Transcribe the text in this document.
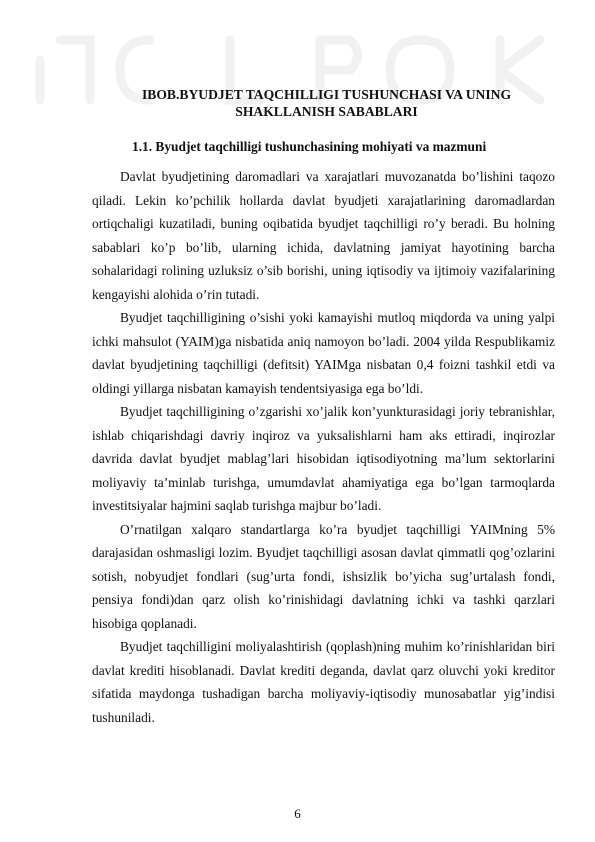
IBOB.BYUDJET TAQCHILLIGI TUSHUNCHASI VA UNING SHAKLLANISH SABABLARI
1.1. Byudjet taqchilligi tushunchasining mohiyati va mazmuni

Davlat byudjetining daromadlari va xarajatlari muvozanatda bo’lishini taqozo qiladi. Lekin ko’pchilik hollarda davlat byudjeti xarajatlarining daromadlardan ortiqchaligi kuzatiladi, buning oqibatida byudjet taqchilligi ro’y beradi. Bu holning sabablari ko’p bo’lib, ularning ichida, davlatning jamiyat hayotining barcha sohalaridagi rolining uzluksiz o’sib borishi, uning iqtisodiy va ijtimoiy vazifalarining kengayishi alohida o’rin tutadi.

Byudjet taqchilligining o’sishi yoki kamayishi mutloq miqdorda va uning yalpi ichki mahsulot (YAIM)ga nisbatida aniq namoyon bo’ladi. 2004 yilda Respublikamiz davlat byudjetining taqchilligi (defitsit) YAIMga nisbatan 0,4 foizni tashkil etdi va oldingi yillarga nisbatan kamayish tendentsiyasiga ega bo’ldi.

Byudjet taqchilligining o’zgarishi xo’jalik kon’yunkturasidagi joriy tebranishlar, ishlab chiqarishdagi davriy inqiroz va yuksalishlarni ham aks ettiradi, inqirozlar davrida davlat byudjet mablag’lari hisobidan iqtisodiyotning ma’lum sektorlarini moliyaviy ta’minlab turishga, umumdavlat ahamiyatiga ega bo’lgan tarmoqlarda investitsiyalar hajmini saqlab turishga majbur bo’ladi.

O’rnatilgan xalqaro standartlarga ko’ra byudjet taqchilligi YAIMning 5% darajasidan oshmasligi lozim. Byudjet taqchilligi asosan davlat qimmatli qog’ozlarini sotish, nobyudjet fondlari (sug’urta fondi, ishsizlik bo’yicha sug’urtalash fondi, pensiya fondi)dan qarz olish ko’rinishidagi davlatning ichki va tashki qarzlari hisobiga qoplanadi.

Byudjet taqchilligini moliyalashtirish (qoplash)ning muhim ko’rinishlaridan biri davlat krediti hisoblanadi. Davlat krediti deganda, davlat qarz oluvchi yoki kreditor sifatida maydonga tushadigan barcha moliyaviy-iqtisodiy munosabatlar yig’indisi tushuniladi.

6
